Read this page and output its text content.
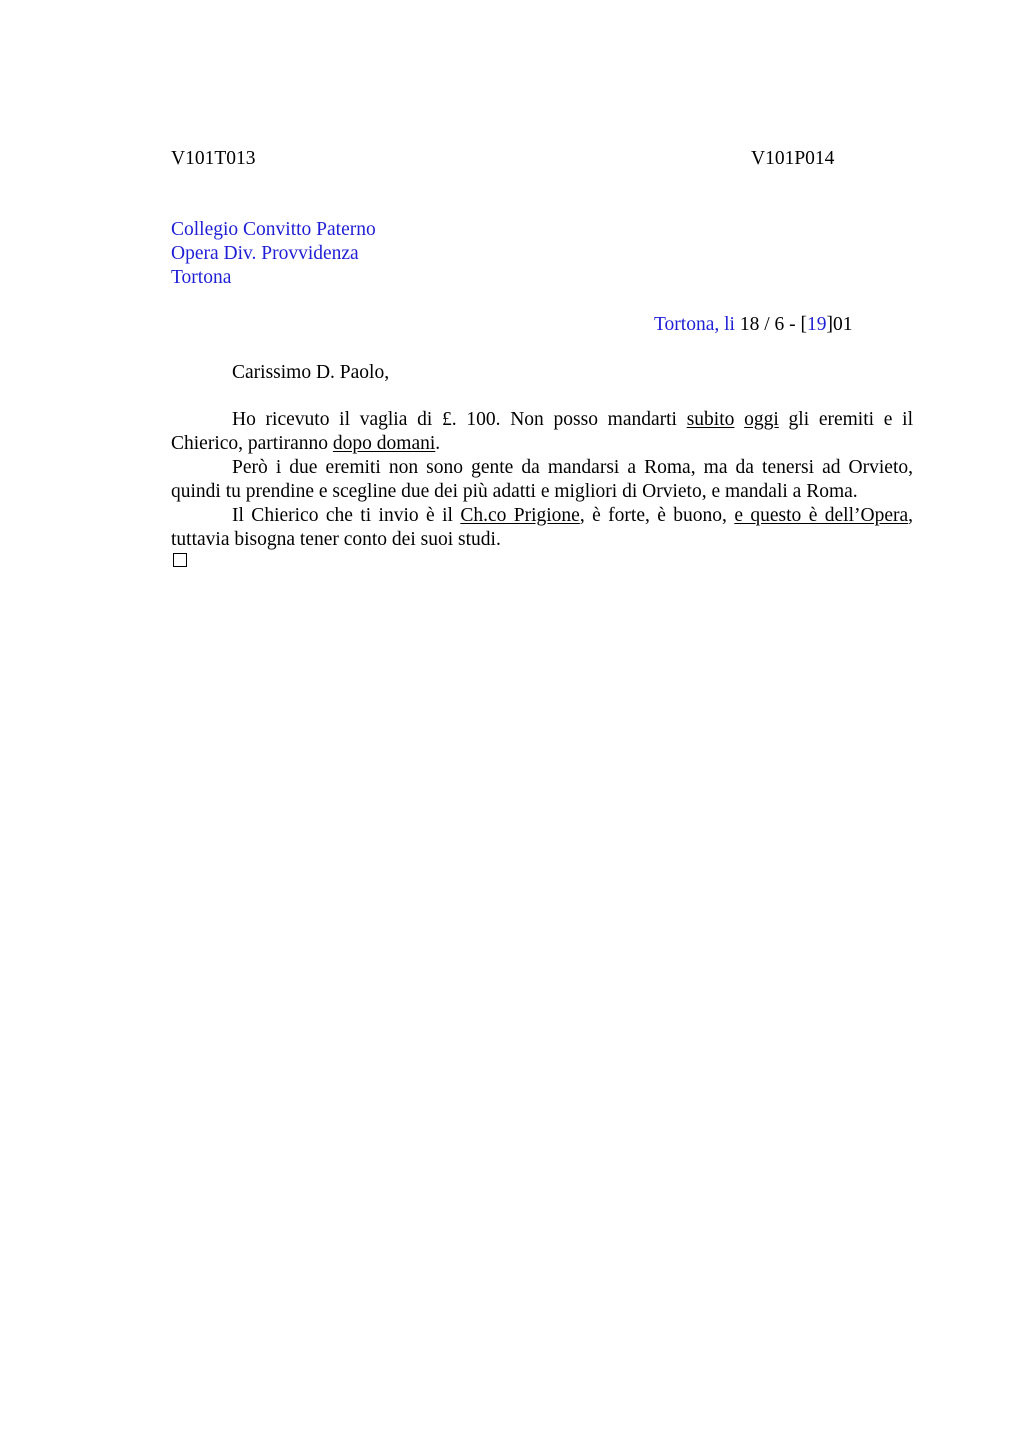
V101T013	V101P014
Collegio Convitto Paterno
Opera Div. Provvidenza
Tortona
Tortona, li 18 / 6 - [19]01
Carissimo D. Paolo,

Ho ricevuto il vaglia di £. 100. Non posso mandarti subito oggi gli eremiti e il Chierico, partiranno dopo domani.

Però i due eremiti non sono gente da mandarsi a Roma, ma da tenersi ad Orvieto, quindi tu prendine e scegline due dei più adatti e migliori di Orvieto, e mandali a Roma.

Il Chierico che ti invio è il Ch.co Prigione, è forte, è buono, e questo è dell’Opera, tuttavia bisogna tener conto dei suoi studi.
